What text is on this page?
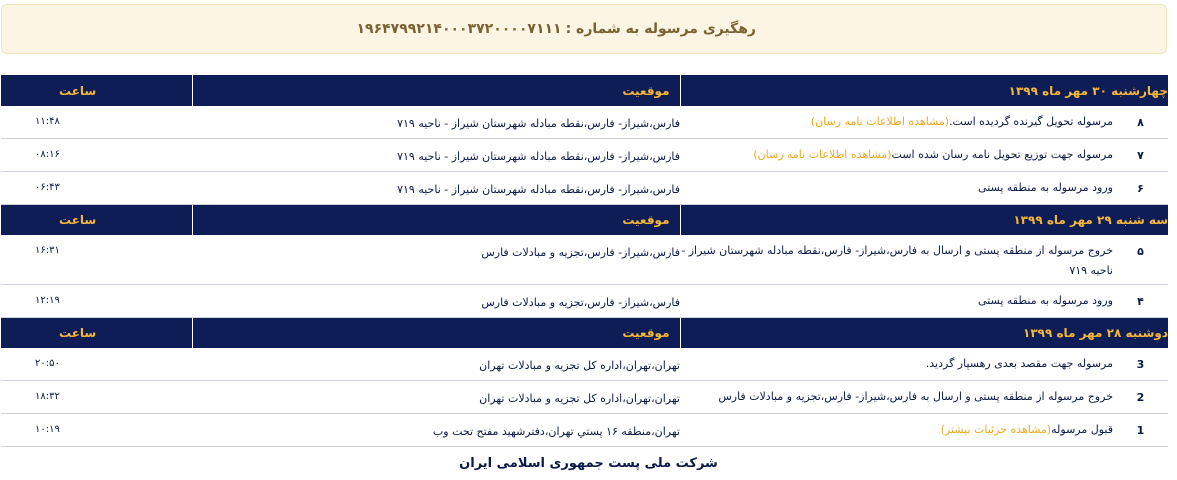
رهگیری مرسوله به شماره :
۱۹۶۴۷۹۹۲۱۴۰۰۰۳۷۲۰۰۰۰۷۱۱۱
چهارشنبه ۳۰ مهر ماه ۱۳۹۹	موقعیت	ساعت

۸
مرسوله تحویل گیرنده گردیده است.(مشاهده اطلاعات نامه رسان)	فارس،شیراز- فارس،نقطه مبادله شهرستان شیراز - ناحیه ۷۱۹	۱۱:۴۸

۷
مرسوله جهت توزیع تحویل نامه رسان شده است(مشاهده اطلاعات نامه رسان)	فارس،شیراز- فارس،نقطه مبادله شهرستان شیراز - ناحیه ۷۱۹	۰۸:۱۶

۶
ورود مرسوله به منطقه پستی	فارس،شیراز- فارس،نقطه مبادله شهرستان شیراز - ناحیه ۷۱۹	۰۶:۴۳
سه شنبه ۲۹ مهر ماه ۱۳۹۹	موقعیت	ساعت

۵
خروج مرسوله از منطقه پستی و ارسال به فارس،شیراز- فارس،نقطه مبادله شهرستان شیراز - ناحیه ۷۱۹	فارس،شیراز- فارس،تجزیه و مبادلات فارس	۱۶:۳۱

۴
ورود مرسوله به منطقه پستی	فارس،شیراز- فارس،تجزیه و مبادلات فارس	۱۲:۱۹
دوشنبه ۲۸ مهر ماه ۱۳۹۹	موقعیت	ساعت

3
مرسوله جهت مقصد بعدی رهسپار گردید.	تهران،تهران،اداره کل تجزیه و مبادلات تهران	۲۰:۵۰

2
خروج مرسوله از منطقه پستی و ارسال به فارس،شیراز- فارس،تجزیه و مبادلات فارس	تهران،تهران،اداره کل تجزیه و مبادلات تهران	۱۸:۳۲

1
قبول مرسوله(مشاهده جزئیات بیشتر)	تهران،منطقه ۱۶ پستي تهران،دفترشهید مفتح تحت وب	۱۰:۱۹
شرکت ملی پست جمهوری اسلامی ایران
